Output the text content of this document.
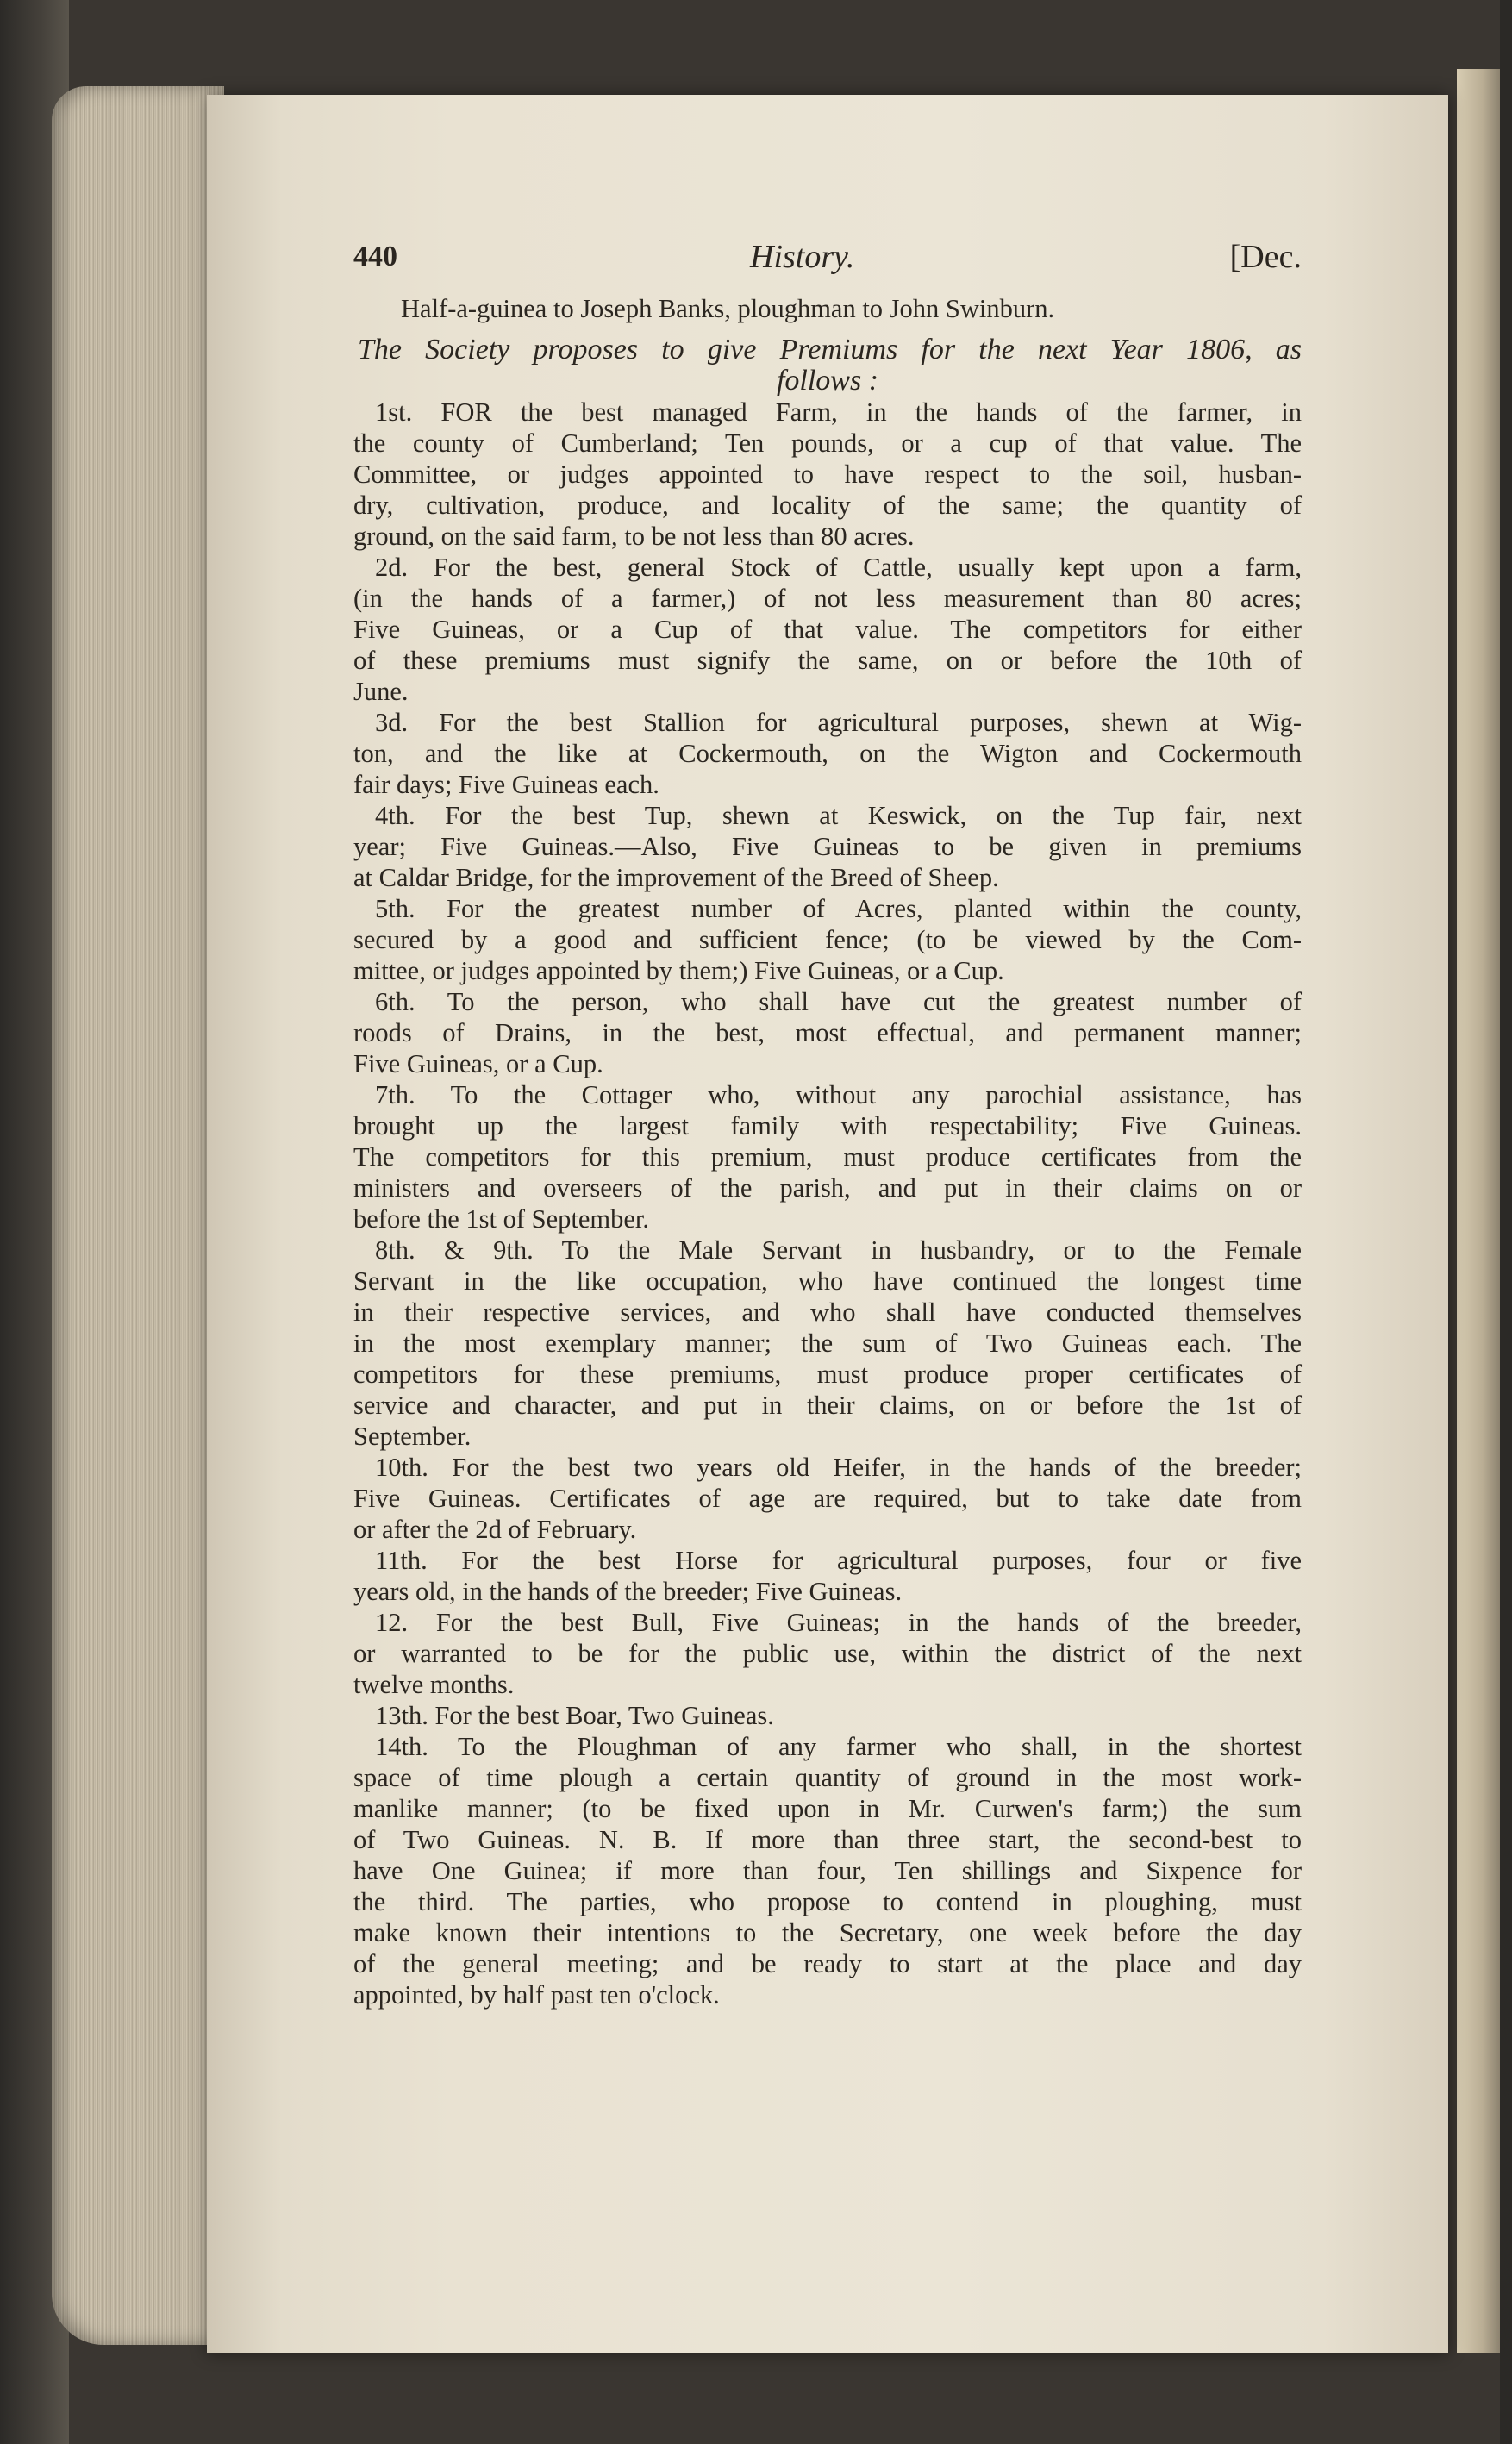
440	History.	[Dec.
Half-a-guinea to Joseph Banks, ploughman to John Swinburn.
The Society proposes to give Premiums for the next Year 1806, as
follows :
1st. FOR the best managed Farm, in the hands of the farmer, in
the county of Cumberland; Ten pounds, or a cup of that value. The
Committee, or judges appointed to have respect to the soil, husban-
dry, cultivation, produce, and locality of the same; the quantity of
ground, on the said farm, to be not less than 80 acres.
2d. For the best, general Stock of Cattle, usually kept upon a farm,
(in the hands of a farmer,) of not less measurement than 80 acres;
Five Guineas, or a Cup of that value. The competitors for either
of these premiums must signify the same, on or before the 10th of
June.
3d. For the best Stallion for agricultural purposes, shewn at Wig-
ton, and the like at Cockermouth, on the Wigton and Cockermouth
fair days; Five Guineas each.
4th. For the best Tup, shewn at Keswick, on the Tup fair, next
year; Five Guineas.—Also, Five Guineas to be given in premiums
at Caldar Bridge, for the improvement of the Breed of Sheep.
5th. For the greatest number of Acres, planted within the county,
secured by a good and sufficient fence; (to be viewed by the Com-
mittee, or judges appointed by them;) Five Guineas, or a Cup.
6th. To the person, who shall have cut the greatest number of
roods of Drains, in the best, most effectual, and permanent manner;
Five Guineas, or a Cup.
7th. To the Cottager who, without any parochial assistance, has
brought up the largest family with respectability; Five Guineas.
The competitors for this premium, must produce certificates from the
ministers and overseers of the parish, and put in their claims on or
before the 1st of September.
8th. & 9th. To the Male Servant in husbandry, or to the Female
Servant in the like occupation, who have continued the longest time
in their respective services, and who shall have conducted themselves
in the most exemplary manner; the sum of Two Guineas each. The
competitors for these premiums, must produce proper certificates of
service and character, and put in their claims, on or before the 1st of
September.
10th. For the best two years old Heifer, in the hands of the breeder;
Five Guineas. Certificates of age are required, but to take date from
or after the 2d of February.
11th. For the best Horse for agricultural purposes, four or five
years old, in the hands of the breeder; Five Guineas.
12. For the best Bull, Five Guineas; in the hands of the breeder,
or warranted to be for the public use, within the district of the next
twelve months.
13th. For the best Boar, Two Guineas.
14th. To the Ploughman of any farmer who shall, in the shortest
space of time plough a certain quantity of ground in the most work-
manlike manner; (to be fixed upon in Mr. Curwen's farm;) the sum
of Two Guineas. N. B. If more than three start, the second-best to
have One Guinea; if more than four, Ten shillings and Sixpence for
the third. The parties, who propose to contend in ploughing, must
make known their intentions to the Secretary, one week before the day
of the general meeting; and be ready to start at the place and day
appointed, by half past ten o'clock.
